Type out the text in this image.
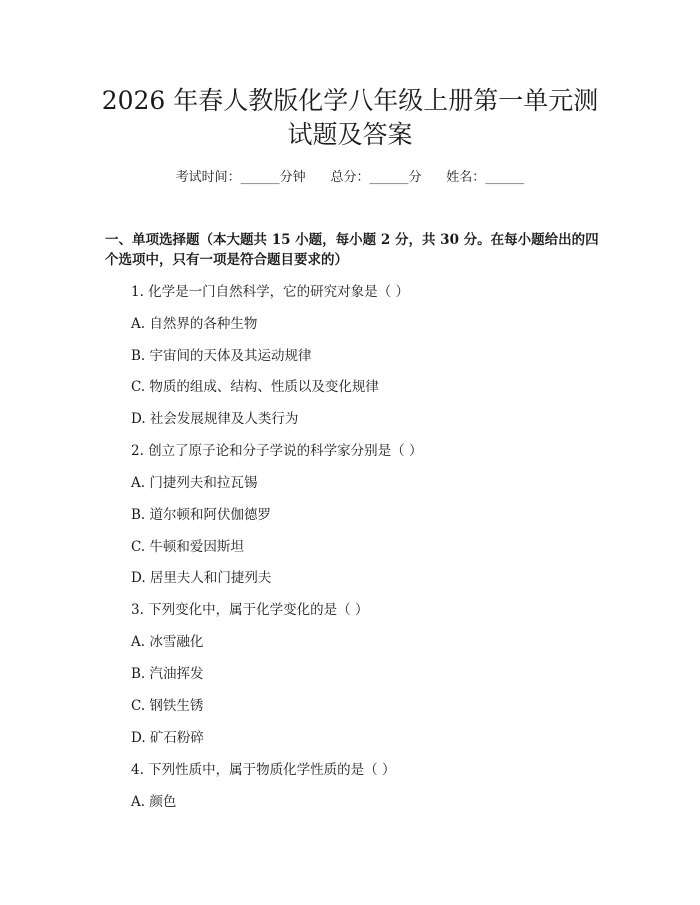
2026 年春人教版化学八年级上册第一单元测
试题及答案
考试时间：______分钟 总分：______分 姓名：______

一、单项选择题（本大题共 15 小题，每小题 2 分，共 30 分。在每小题给出的四

个选项中，只有一项是符合题目要求的）

1. 化学是一门自然科学，它的研究对象是（ ）
A. 自然界的各种生物
B. 宇宙间的天体及其运动规律
C. 物质的组成、结构、性质以及变化规律
D. 社会发展规律及人类行为
2. 创立了原子论和分子学说的科学家分别是（ ）
A. 门捷列夫和拉瓦锡
B. 道尔顿和阿伏伽德罗
C. 牛顿和爱因斯坦
D. 居里夫人和门捷列夫
3. 下列变化中，属于化学变化的是（ ）
A. 冰雪融化
B. 汽油挥发
C. 钢铁生锈
D. 矿石粉碎
4. 下列性质中，属于物质化学性质的是（ ）
A. 颜色
